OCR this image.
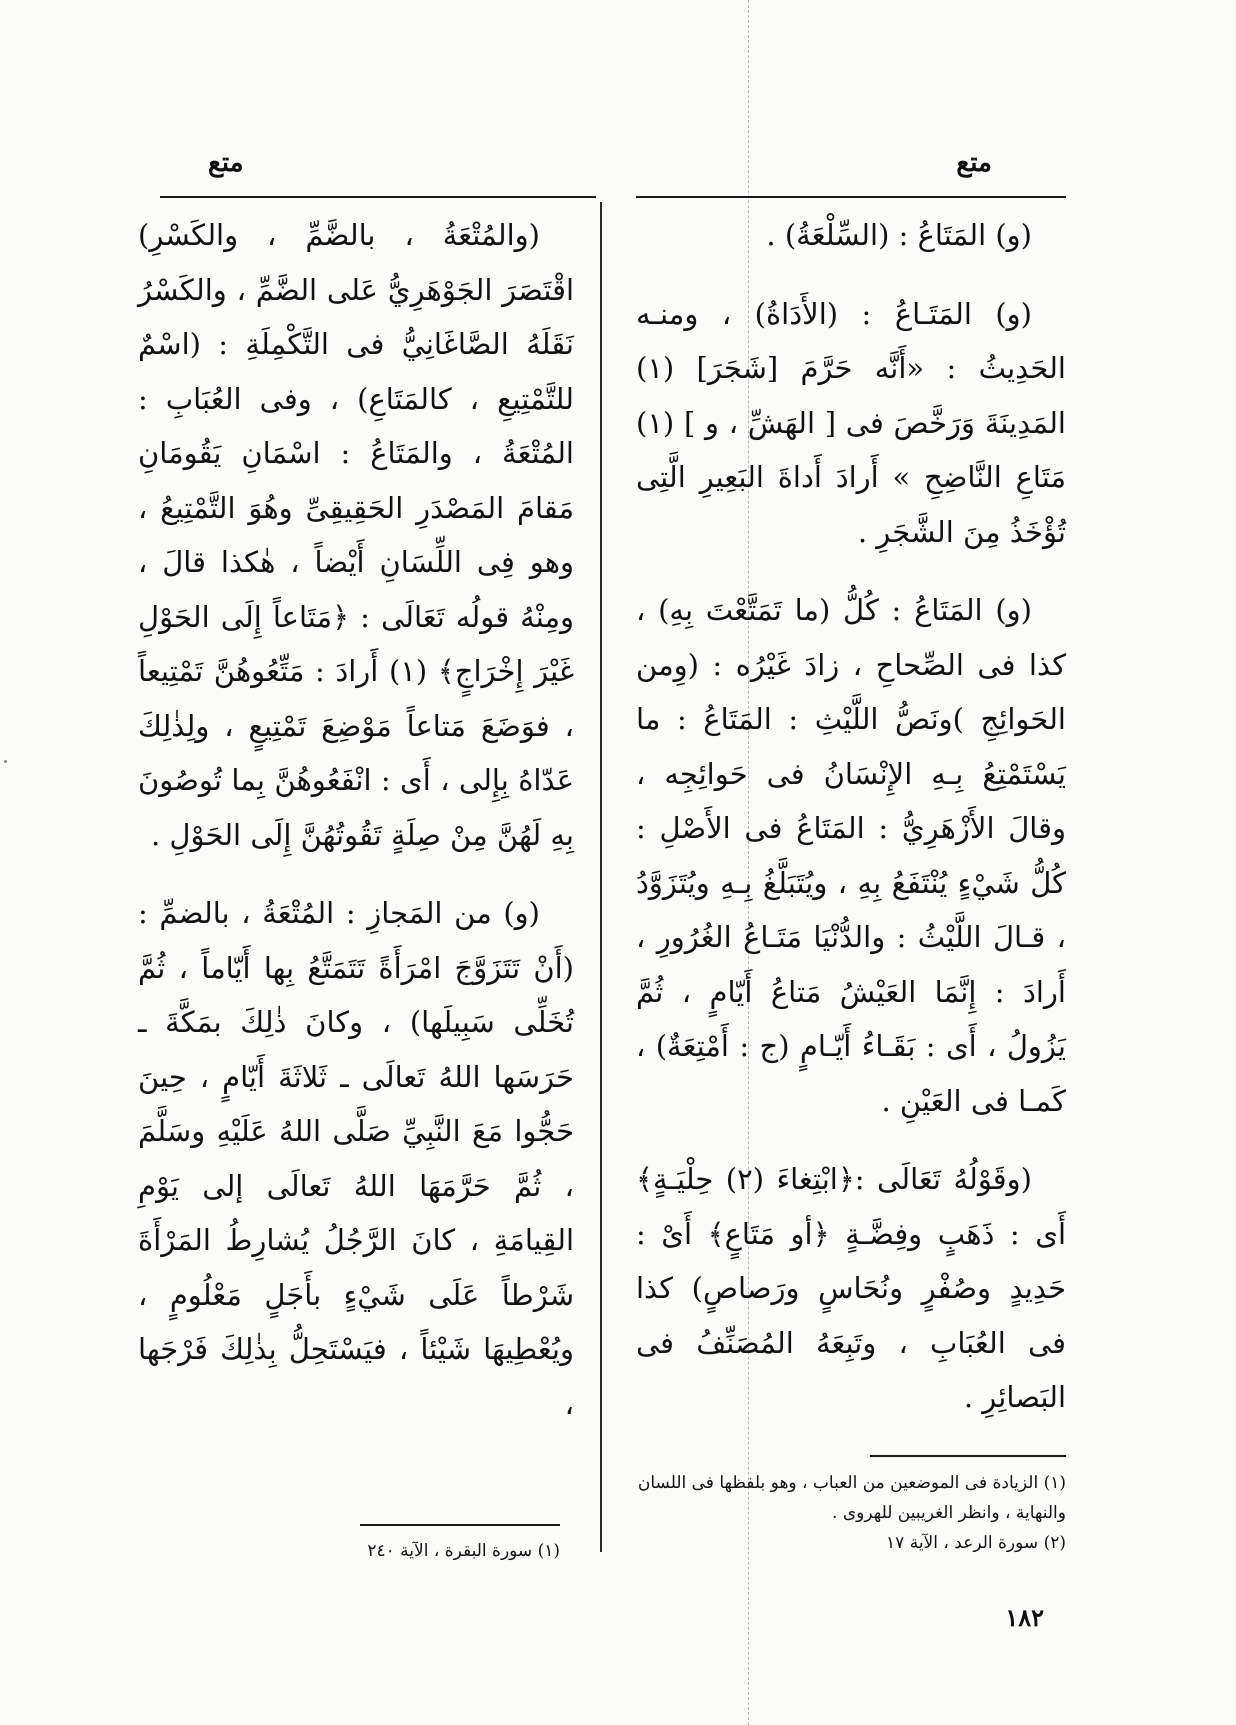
متع
متع

(و) المَتَاعُ : (السِّلْعَةُ) .

(و) المَتَـاعُ : (الأَدَاةُ) ، ومنـه الحَدِيثُ : «أَنَّه حَرَّمَ [شَجَرَ] (١) المَدِينَةَ وَرَخَّصَ فى [ الهَشِّ ، و ] (١) مَتَاعِ النَّاضِحِ » أَرادَ أَداةَ البَعِيرِ الَّتِى تُؤْخَذُ مِنَ الشَّجَرِ .

(و) المَتَاعُ : كُلُّ (ما تَمَتَّعْتَ بِهِ) ، كذا فى الصِّحاحِ ، زادَ غَيْرُه : (وِمن الحَوائِجِ )ونَصُّ اللَّيْثِ : المَتَاعُ : ما يَسْتَمْتِعُ بِـهِ الإِنْسَانُ فى حَوائِجِه ، وقالَ الأَزْهَرِيُّ : المَتَاعُ فى الأَصْلِ : كُلُّ شَيْءٍ يُنْتَفَعُ بِهِ ، ويُتَبَلَّغُ بِـهِ ويُتَزَوَّدُ ، قـالَ اللَّيْثُ : والدُّنْيَا مَتَـاعُ الغُرُورِ ، أَرادَ : إِنَّمَا العَيْشُ مَتاعُ أَيّامٍ ، ثُمَّ يَزُولُ ، أَى : بَقَـاءُ أَيّـامٍ (ج : أَمْتِعَةٌ) ، كَمـا فى العَيْنِ .

(وقَوْلُهُ تَعَالَى :﴿ابْتِغاءَ (٢) حِلْيَـةٍ﴾ أَى : ذَهَبٍ وفِضَّـةٍ ﴿أو مَتَاعٍ﴾ أَىْ : حَدِيدٍ وصُفْرٍ ونُحَاسٍ ورَصاصٍ) كذا فى العُبَابِ ، وتَبِعَهُ المُصَنِّفُ فى البَصائِرِ .

(والمُتْعَةُ ، بالضَّمِّ ، والكَسْرِ) اقْتَصَرَ الجَوْهَرِيُّ عَلى الضَّمِّ ، والكَسْرُ نَقَلَهُ الصَّاغَانِيُّ فى التَّكْمِلَةِ : (اسْمٌ للتَّمْتِيعِ ، كالمَتَاعِ) ، وفى العُبَابِ : المُتْعَةُ ، والمَتَاعُ : اسْمَانِ يَقُومَانِ مَقامَ المَصْدَرِ الحَقِيقِىِّ وهُوَ التَّمْتِيعُ ، وهو فِى اللِّسَانِ أَيْضاً ، هٰكذا قالَ ، ومِنْهُ قولُه تَعَالَى : ﴿مَتَاعاً إِلَى الحَوْلِ غَيْرَ إِخْرَاجٍ﴾ (١) أَرادَ : مَتِّعُوهُنَّ تَمْتِيعاً ، فوَضَعَ مَتاعاً مَوْضِعَ تَمْتِيعٍ ، ولِذٰلِكَ عَدّاهُ بِإِلى ، أَى : انْفَعُوهُنَّ بِما تُوصُونَ بِهِ لَهُنَّ مِنْ صِلَةٍ تَقُوتُهُنَّ إِلَى الحَوْلِ .

(و) من المَجازِ : المُتْعَةُ ، بالضمِّ : (أَنْ تَتَزَوَّجَ امْرَأَةً تَتَمَتَّعُ بِها أَيّاماً ، ثُمَّ تُخَلِّى سَبِيلَها) ، وكانَ ذٰلِكَ بمَكَّةَ ـ حَرَسَها اللهُ تَعالَى ـ ثَلاثَةَ أَيّامٍ ، حِينَ حَجُّوا مَعَ النَّبِيِّ صَلَّى اللهُ عَلَيْهِ وسَلَّمَ ، ثُمَّ حَرَّمَهَا اللهُ تَعالَى إلى يَوْمِ القِيامَةِ ، كانَ الرَّجُلُ يُشارِطُ المَرْأَةَ شَرْطاً عَلَى شَيْءٍ بأَجَلٍ مَعْلُومٍ ، ويُعْطِيهَا شَيْئاً ، فيَسْتَحِلُّ بِذٰلِكَ فَرْجَها ،

(١) الزيادة فى الموضعين من العباب ، وهو بلفظها فى اللسان والنهاية ، وانظر الغريبين للهروى .

(٢) سورة الرعد ، الآية ١٧

(١) سورة البقرة ، الآية ٢٤٠

١٨٢
